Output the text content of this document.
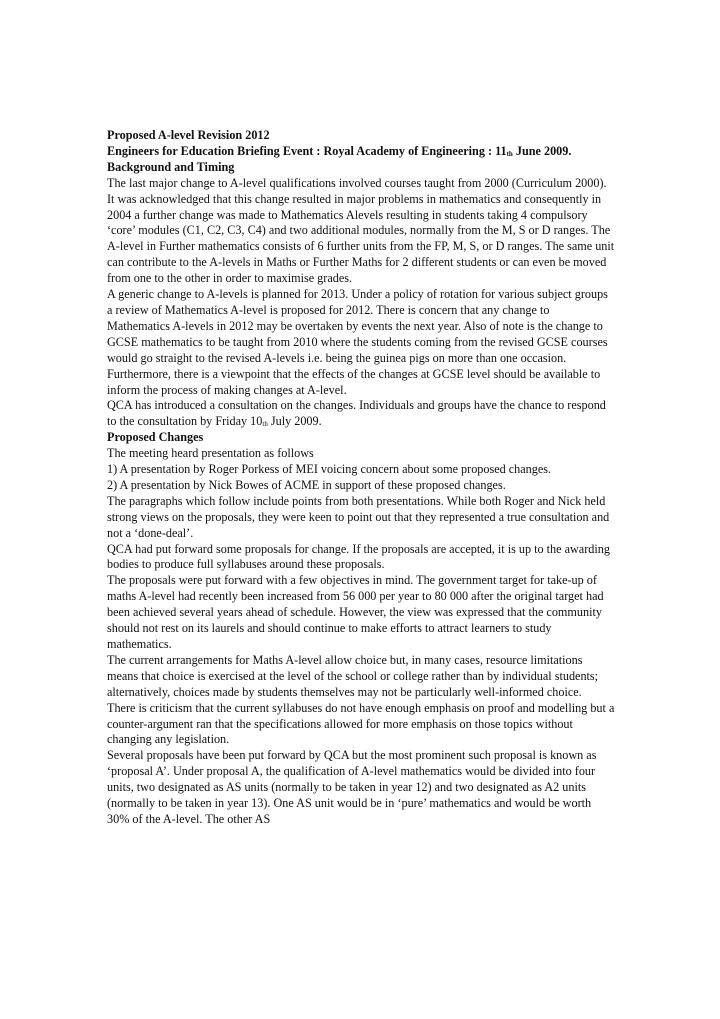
Proposed A-level Revision 2012

Engineers for Education Briefing Event : Royal Academy of Engineering : $11_{th}$ June 2009.

Background and Timing

The last major change to A-level qualifications involved courses taught from 2000 (Curriculum 2000). It was acknowledged that this change resulted in major problems in mathematics and consequently in 2004 a further change was made to Mathematics Alevels resulting in students taking 4 compulsory ‘core’ modules (C1, C2, C3, C4) and two additional modules, normally from the M, S or D ranges. The A-level in Further mathematics consists of 6 further units from the FP, M, S, or D ranges. The same unit can contribute to the A-levels in Maths or Further Maths for 2 different students or can even be moved from one to the other in order to maximise grades.

A generic change to A-levels is planned for 2013. Under a policy of rotation for various subject groups a review of Mathematics A-level is proposed for 2012. There is concern that any change to Mathematics A-levels in 2012 may be overtaken by events the next year. Also of note is the change to GCSE mathematics to be taught from 2010 where the students coming from the revised GCSE courses would go straight to the revised A-levels i.e. being the guinea pigs on more than one occasion. Furthermore, there is a viewpoint that the effects of the changes at GCSE level should be available to inform the process of making changes at A-level.

QCA has introduced a consultation on the changes. Individuals and groups have the chance to respond to the consultation by Friday $10_{th}$ July 2009.

Proposed Changes

The meeting heard presentation as follows

1) A presentation by Roger Porkess of MEI voicing concern about some proposed changes.

2) A presentation by Nick Bowes of ACME in support of these proposed changes.

The paragraphs which follow include points from both presentations. While both Roger and Nick held strong views on the proposals, they were keen to point out that they represented a true consultation and not a ‘done-deal’.

QCA had put forward some proposals for change. If the proposals are accepted, it is up to the awarding bodies to produce full syllabuses around these proposals.

The proposals were put forward with a few objectives in mind. The government target for take-up of maths A-level had recently been increased from 56 000 per year to 80 000 after the original target had been achieved several years ahead of schedule. However, the view was expressed that the community should not rest on its laurels and should continue to make efforts to attract learners to study mathematics.

The current arrangements for Maths A-level allow choice but, in many cases, resource limitations means that choice is exercised at the level of the school or college rather than by individual students; alternatively, choices made by students themselves may not be particularly well-informed choice.

There is criticism that the current syllabuses do not have enough emphasis on proof and modelling but a counter-argument ran that the specifications allowed for more emphasis on those topics without changing any legislation.

Several proposals have been put forward by QCA but the most prominent such proposal is known as ‘proposal A’. Under proposal A, the qualification of A-level mathematics would be divided into four units, two designated as AS units (normally to be taken in year 12) and two designated as A2 units (normally to be taken in year 13). One AS unit would be in ‘pure’ mathematics and would be worth 30% of the A-level. The other AS
